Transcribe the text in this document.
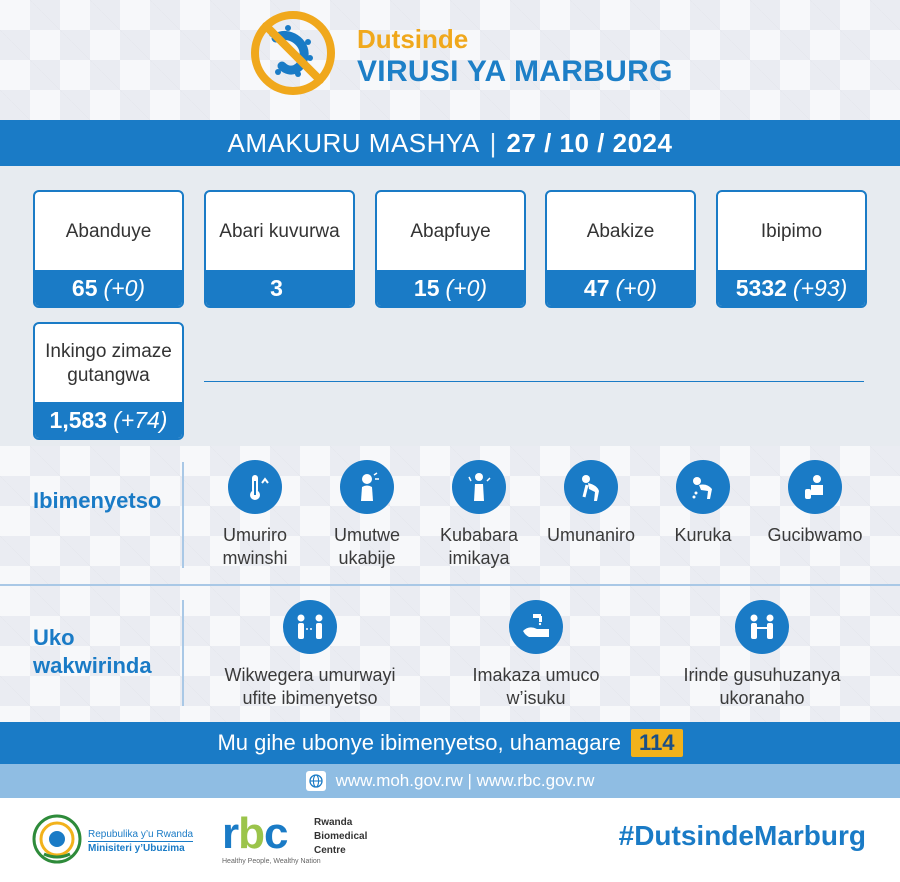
Dutsinde
VIRUSI YA MARBURG
AMAKURU MASHYA | 27 / 10 / 2024
Abanduye
65 (+0)
Abari kuvurwa
3
Abapfuye
15 (+0)
Abakize
47 (+0)
Ibipimo
5332 (+93)
Inkingo zimaze gutangwa
1,583 (+74)
Ibimenyetso
Umuriro
mwinshi
Umutwe
ukabije
Kubabara
imikaya
Umunaniro	Kuruka	Gucibwamo
Uko
wakwirinda	Wikwegera umurwayi
ufite ibimenyetso
Imakaza umuco
w’isuku
Irinde gusuhuzanya
ukoranaho
Mu gihe ubonye ibimenyetso, uhamagare 114
www.moh.gov.rw | www.rbc.gov.rw
Repubulika y’u Rwanda
Minisiteri y’Ubuzima rbc
Healthy People, Wealthy Nation
Rwanda
Biomedical
Centre	#DutsindeMarburg
